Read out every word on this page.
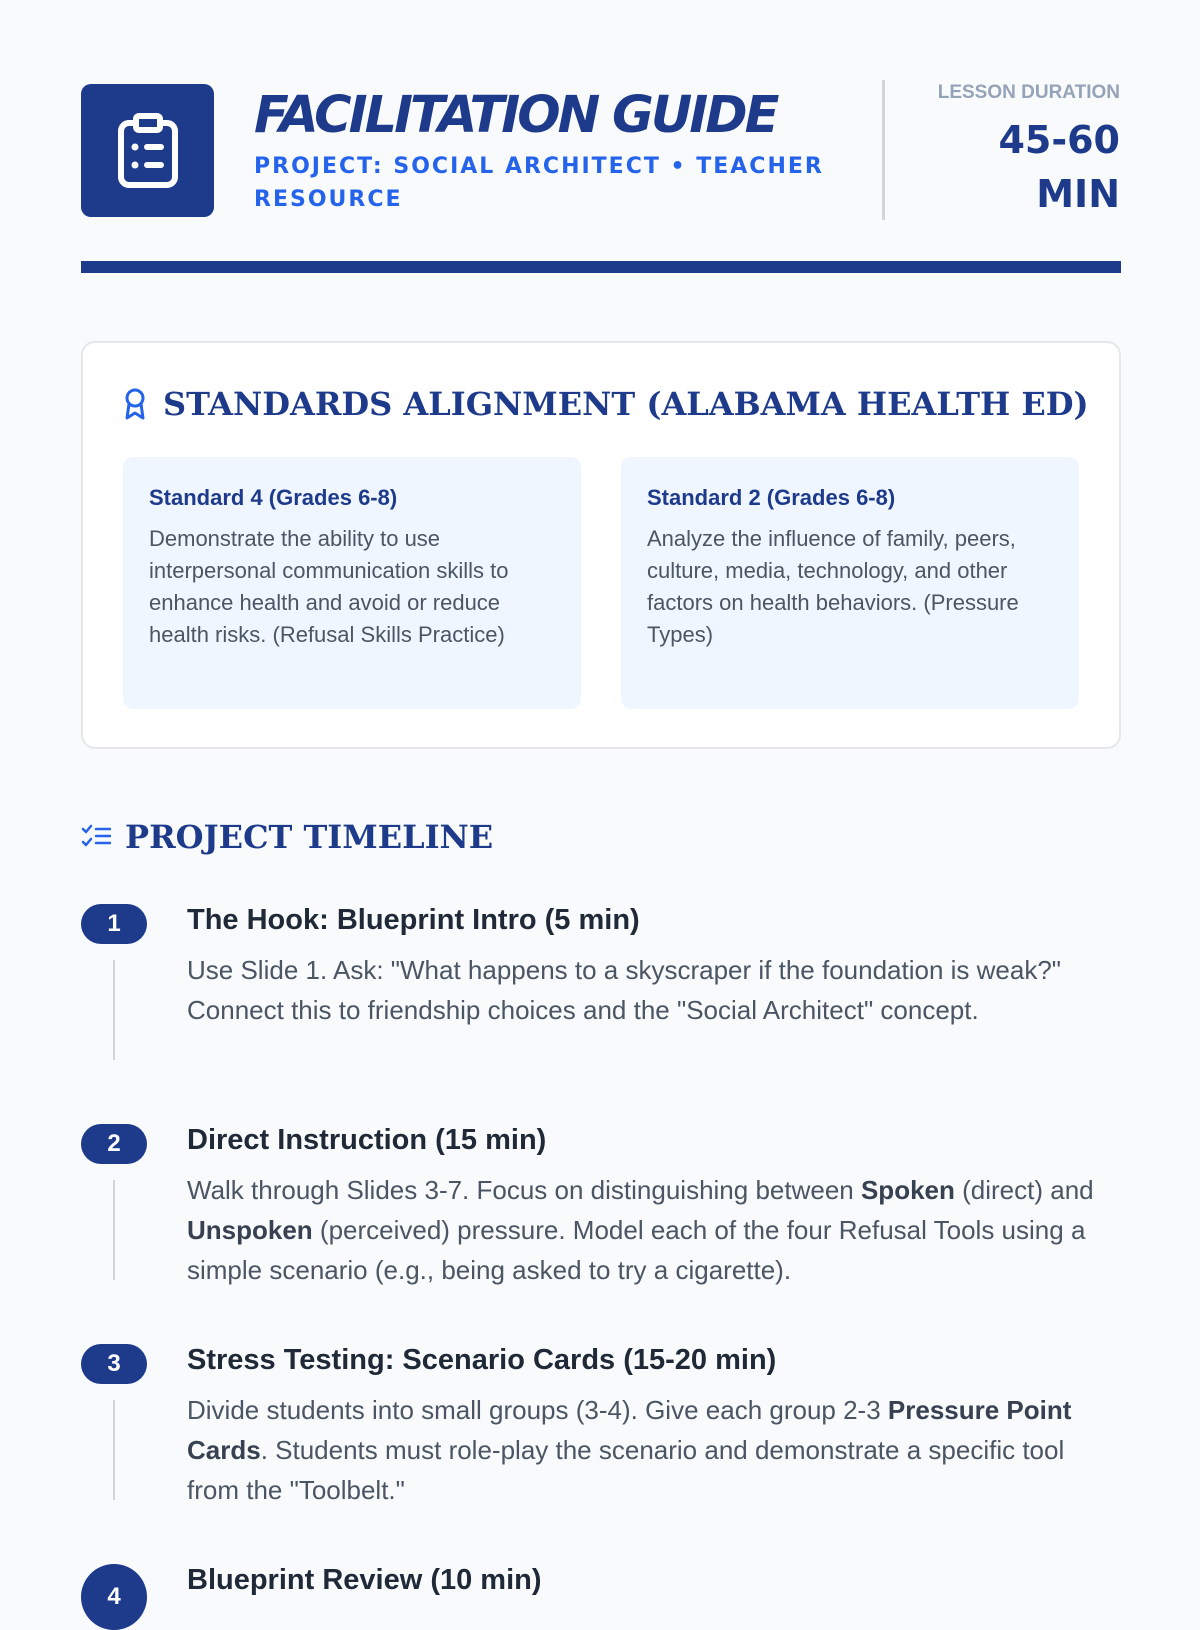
FACILITATION GUIDE
PROJECT: SOCIAL ARCHITECT • TEACHER RESOURCE
LESSON DURATION
45-60 MIN
STANDARDS ALIGNMENT (ALABAMA HEALTH ED)
Standard 4 (Grades 6-8)
Demonstrate the ability to use interpersonal communication skills to enhance health and avoid or reduce health risks. (Refusal Skills Practice)
Standard 2 (Grades 6-8)
Analyze the influence of family, peers, culture, media, technology, and other factors on health behaviors. (Pressure Types)
PROJECT TIMELINE
1	The Hook: Blueprint Intro (5 min)
Use Slide 1. Ask: "What happens to a skyscraper if the foundation is weak?" Connect this to friendship choices and the "Social Architect" concept.
2	Direct Instruction (15 min)
Walk through Slides 3-7. Focus on distinguishing between Spoken (direct) and Unspoken (perceived) pressure. Model each of the four Refusal Tools using a simple scenario (e.g., being asked to try a cigarette).
3	Stress Testing: Scenario Cards (15-20 min)
Divide students into small groups (3-4). Give each group 2-3 Pressure Point Cards. Students must role-play the scenario and demonstrate a specific tool from the "Toolbelt."
4
Blueprint Review (10 min)
